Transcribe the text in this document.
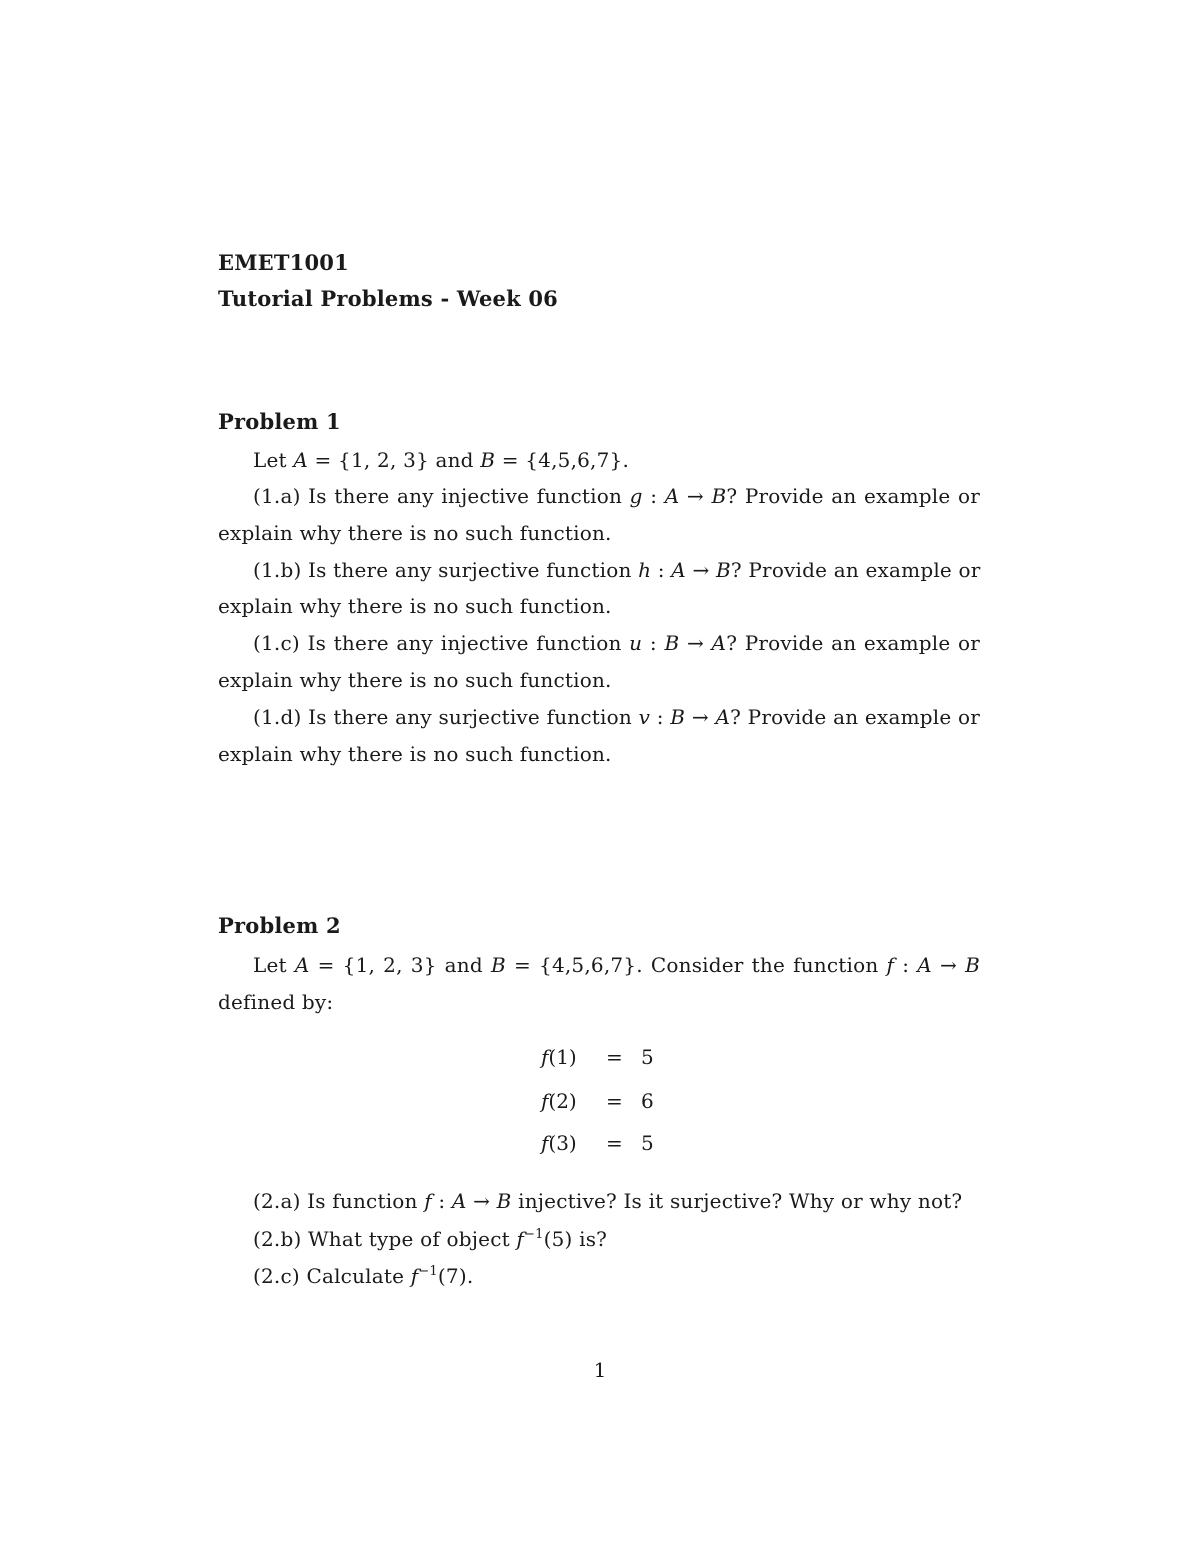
EMET1001
Tutorial Problems - Week 06
Problem 1
Let A = {1, 2, 3} and B = {4,5,6,7}.
(1.a) Is there any injective function g : A → B? Provide an example or
explain why there is no such function.
(1.b) Is there any surjective function h : A → B? Provide an example or
explain why there is no such function.
(1.c) Is there any injective function u : B → A? Provide an example or
explain why there is no such function.
(1.d) Is there any surjective function v : B → A? Provide an example or
explain why there is no such function.
Problem 2
Let A = {1, 2, 3} and B = {4,5,6,7}. Consider the function f : A → B
defined by:
f(1) = 5
f(2) = 6
f(3) = 5
(2.a) Is function f : A → B injective? Is it surjective? Why or why not?
(2.b) What type of object $f^{-1}(5)$ is?
(2.c) Calculate $f^{-1}(7)$.
1
